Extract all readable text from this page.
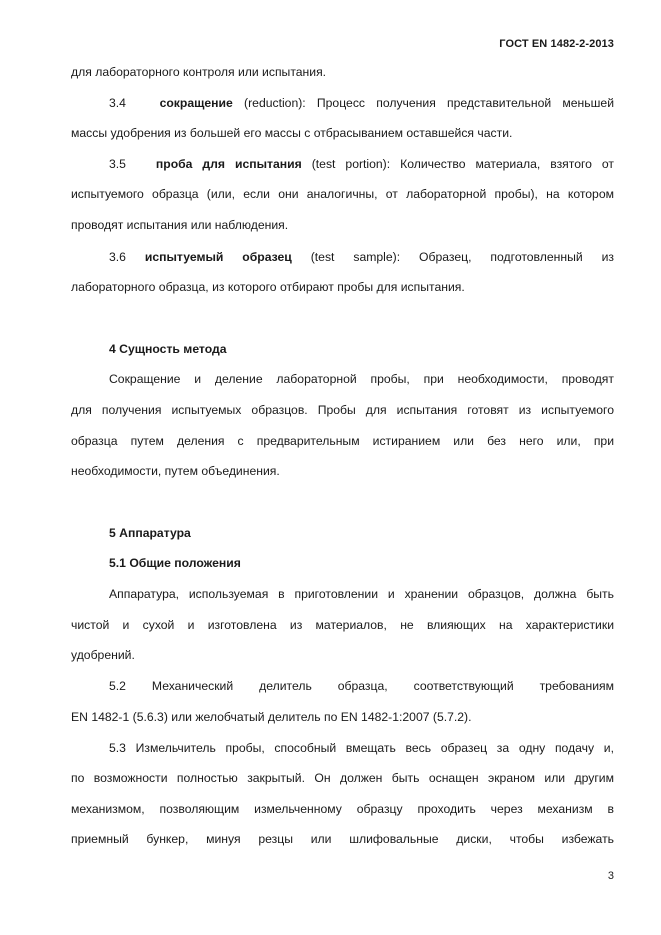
ГОСТ EN 1482-2-2013
для лабораторного контроля или испытания.
3.4	сокращение (reduction): Процесс получения представительной меньшей
массы удобрения из большей его массы с отбрасыванием оставшейся части.
3.5 проба для испытания (test portion): Количество материала, взятого от
испытуемого образца (или, если они аналогичны, от лабораторной пробы), на котором
проводят испытания или наблюдения.
3.6 испытуемый образец (test sample): Образец, подготовленный из
лабораторного образца, из которого отбирают пробы для испытания.
4 Сущность метода
Сокращение и деление лабораторной пробы, при необходимости, проводят
для получения испытуемых образцов. Пробы для испытания готовят из испытуемого
образца путем деления с предварительным истиранием или без него или, при
необходимости, путем объединения.
5 Аппаратура
5.1 Общие положения
Аппаратура, используемая в приготовлении и хранении образцов, должна быть
чистой и сухой и изготовлена из материалов, не влияющих на характеристики
удобрений.
5.2 Механический делитель образца, соответствующий требованиям
EN 1482-1 (5.6.3) или желобчатый делитель по EN 1482-1:2007 (5.7.2).
5.3 Измельчитель пробы, способный вмещать весь образец за одну подачу и,
по возможности полностью закрытый. Он должен быть оснащен экраном или другим
механизмом, позволяющим измельченному образцу проходить через механизм в
приемный бункер, минуя резцы или шлифовальные диски, чтобы избежать
3
